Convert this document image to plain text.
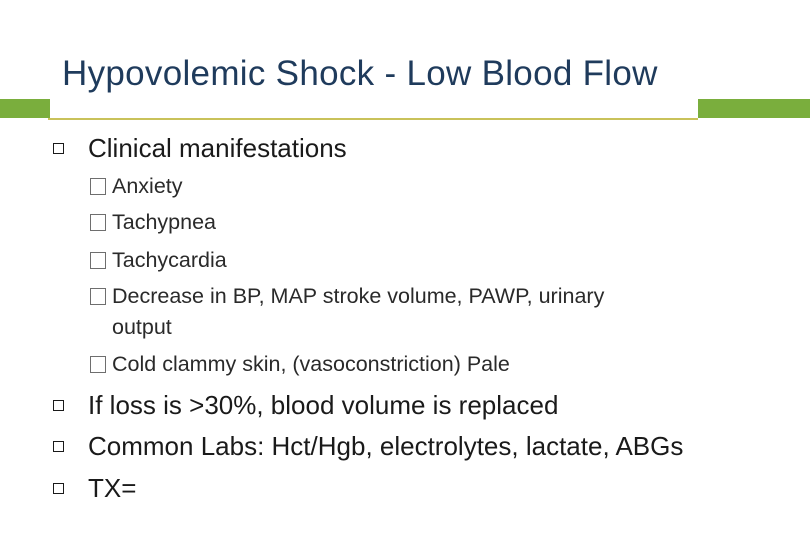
Hypovolemic Shock - Low Blood Flow
Clinical manifestations
Anxiety
Tachypnea
Tachycardia
Decrease in BP, MAP stroke volume, PAWP, urinary
output
Cold clammy skin, (vasoconstriction) Pale
If loss is >30%, blood volume is replaced
Common Labs: Hct/Hgb, electrolytes, lactate, ABGs
TX=
